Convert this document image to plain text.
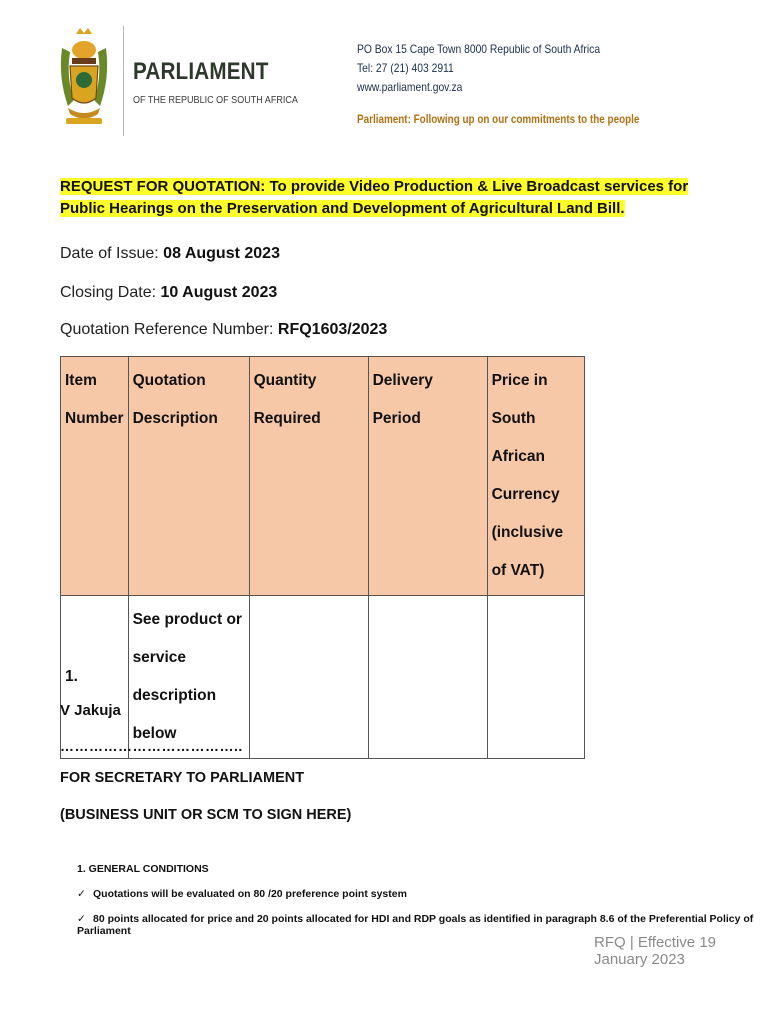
PARLIAMENT
OF THE REPUBLIC OF SOUTH AFRICA
PO Box 15 Cape Town 8000 Republic of South Africa
Tel: 27 (21) 403 2911
www.parliament.gov.za
Parliament: Following up on our commitments to the people
REQUEST FOR QUOTATION: To provide Video Production & Live Broadcast services for Public Hearings on the Preservation and Development of Agricultural Land Bill.
Date of Issue: 08 August 2023
Closing Date: 10 August 2023
Quotation Reference Number: RFQ1603/2023
Item Number	Quotation Description	Quantity Required	Delivery Period	Price in South African Currency (inclusive of VAT)
1.	See product or service description below			
V Jakuja
………………………………..
FOR SECRETARY TO PARLIAMENT
(BUSINESS UNIT OR SCM TO SIGN HERE)
1. GENERAL CONDITIONS
✓ Quotations will be evaluated on 80 /20 preference point system
✓ 80 points allocated for price and 20 points allocated for HDI and RDP goals as identified in paragraph 8.6 of the Preferential Policy of Parliament
RFQ | Effective 19 January 2023
